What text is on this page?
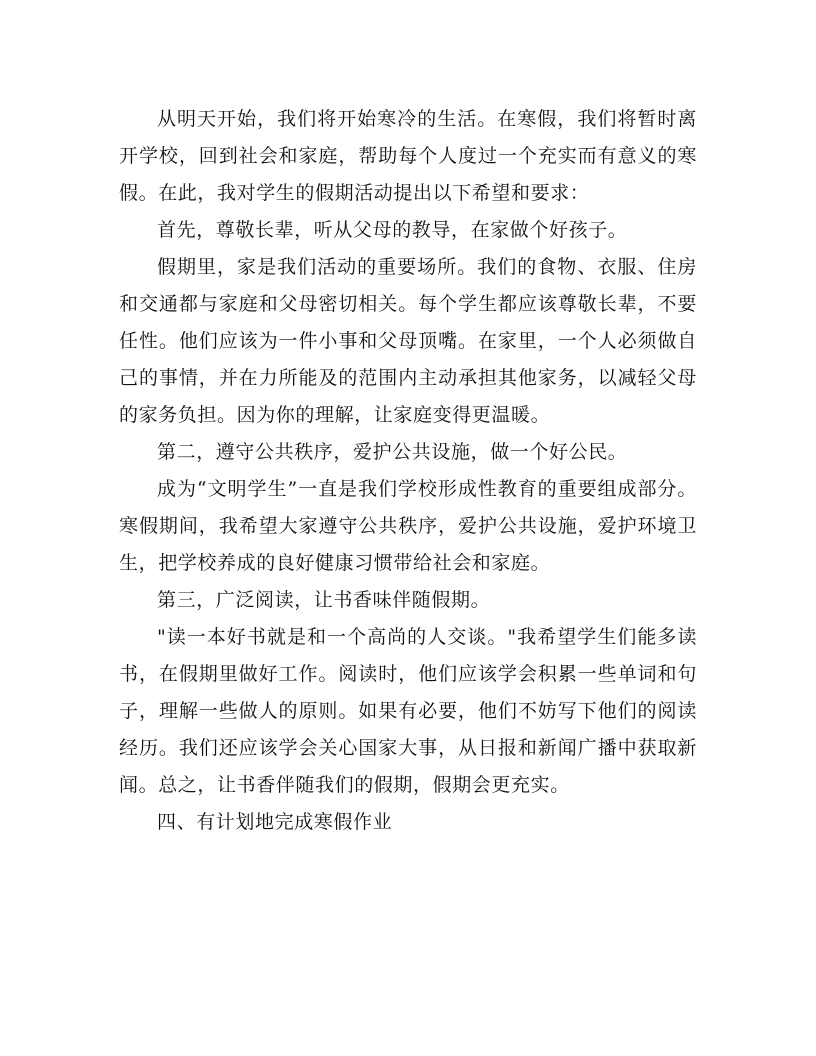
从明天开始，我们将开始寒冷的生活。在寒假，我们将暂时离开学校，回到社会和家庭，帮助每个人度过一个充实而有意义的寒假。在此，我对学生的假期活动提出以下希望和要求：

首先，尊敬长辈，听从父母的教导，在家做个好孩子。

假期里，家是我们活动的重要场所。我们的食物、衣服、住房和交通都与家庭和父母密切相关。每个学生都应该尊敬长辈，不要任性。他们应该为一件小事和父母顶嘴。在家里，一个人必须做自己的事情，并在力所能及的范围内主动承担其他家务，以减轻父母的家务负担。因为你的理解，让家庭变得更温暖。

第二，遵守公共秩序，爱护公共设施，做一个好公民。

成为“文明学生”一直是我们学校形成性教育的重要组成部分。寒假期间，我希望大家遵守公共秩序，爱护公共设施，爱护环境卫生，把学校养成的良好健康习惯带给社会和家庭。

第三，广泛阅读，让书香味伴随假期。

"读一本好书就是和一个高尚的人交谈。"我希望学生们能多读书，在假期里做好工作。阅读时，他们应该学会积累一些单词和句子，理解一些做人的原则。如果有必要，他们不妨写下他们的阅读经历。我们还应该学会关心国家大事，从日报和新闻广播中获取新闻。总之，让书香伴随我们的假期，假期会更充实。

四、有计划地完成寒假作业
